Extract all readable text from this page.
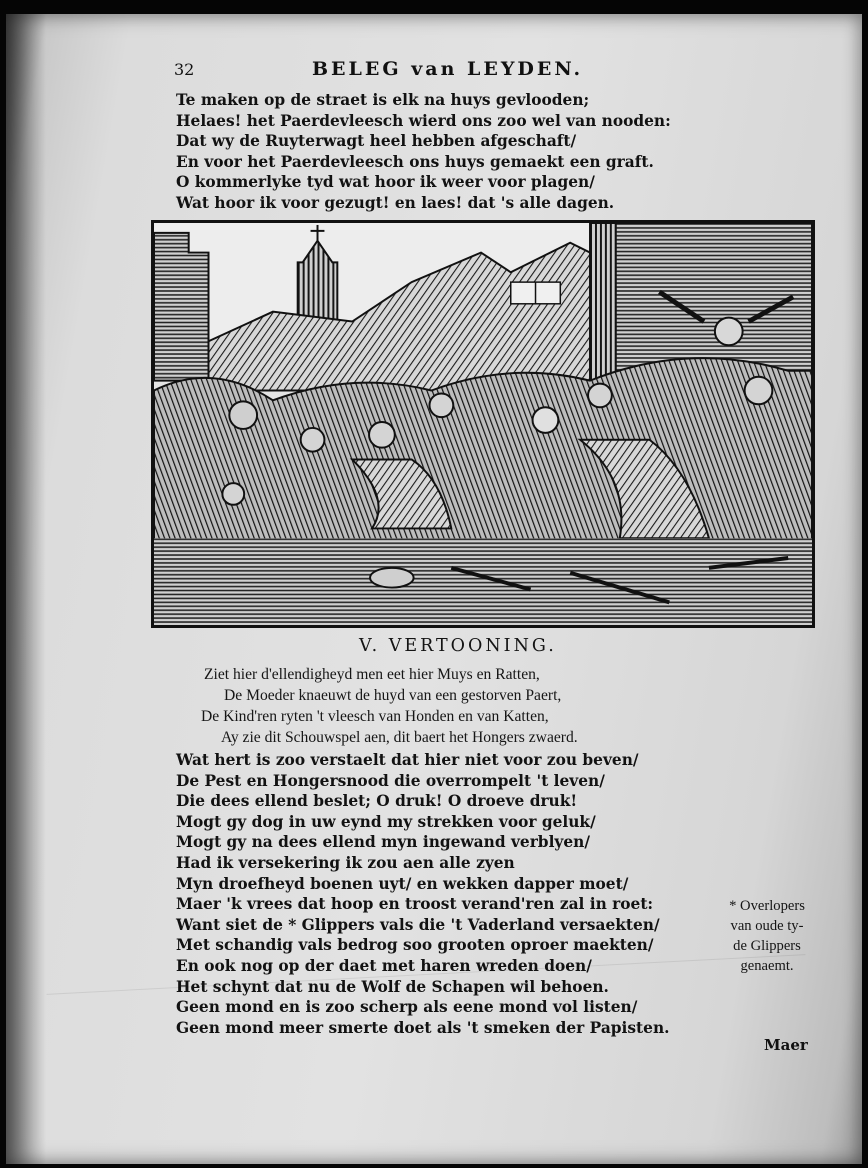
32	BELEG van LEYDEN.
Te maken op de straet is elk na huys gevlooden;
Helaes! het Paerdevleesch wierd ons zoo wel van nooden:
Dat wy de Ruyterwagt heel hebben afgeschaft/
En voor het Paerdevleesch ons huys gemaekt een graft.
O kommerlyke tyd wat hoor ik weer voor plagen/
Wat hoor ik voor gezugt! en laes! dat 's alle dagen.
V. VERTOONING.
Ziet hier d'ellendigheyd men eet hier Muys en Ratten,
De Moeder knaeuwt de huyd van een gestorven Paert,
De Kind'ren ryten 't vleesch van Honden en van Katten,
Ay zie dit Schouwspel aen, dit baert het Hongers zwaerd.
Wat hert is zoo verstaelt dat hier niet voor zou beven/
De Pest en Hongersnood die overrompelt 't leven/
Die dees ellend beslet; O druk! O droeve druk!
Mogt gy dog in uw eynd my strekken voor geluk/
Mogt gy na dees ellend myn ingewand verblyen/
Had ik versekering ik zou aen alle zyen
Myn droefheyd boenen uyt/ en wekken dapper moet/
Maer 'k vrees dat hoop en troost verand'ren zal in roet:
Want siet de * Glippers vals die 't Vaderland versaekten/
Met schandig vals bedrog soo grooten oproer maekten/
En ook nog op der daet met haren wreden doen/
Het schynt dat nu de Wolf de Schapen wil behoen.
Geen mond en is zoo scherp als eene mond vol listen/
Geen mond meer smerte doet als 't smeken der Papisten.
* Overlopers
van oude ty-
de Glippers
genaemt.
Maer
